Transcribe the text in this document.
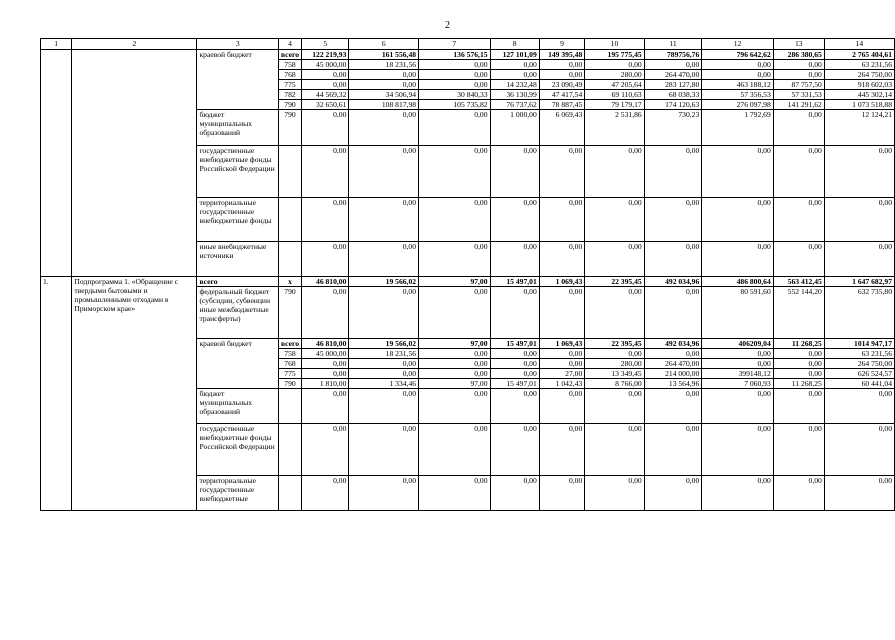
2
1	2	3	4	5	6	7	8	9	10	11	12	13	14
		краевой бюджет	всего	122 219,93	161 556,48	136 576,15	127 101,09	149 395,48	195 775,45	789756,76	796 642,62	286 380,65	2 765 404,61
			758	45 000,00	18 231,56	0,00	0,00	0,00	0,00	0,00	0,00	0,00	63 231,56
			768	0,00	0,00	0,00	0,00	0,00	280,00	264 470,00	0,00	0,00	264 750,00
			775	0,00	0,00	0,00	14 232,48	23 090,49	47 205,64	283 127,80	463 188,12	87 757,50	918 602,03
			782	44 569,32	34 506,94	30 840,33	36 130,99	47 417,54	69 110,63	68 038,33	57 356,53	57 331,53	445 302,14
			790	32 650,61	108 817,98	105 735,82	76 737,62	78 887,45	79 179,17	174 120,63	276 097,98	141 291,62	1 073 518,88
		бюджет муниципальных образований	790	0,00	0,00	0,00	1 000,00	6 069,43	2 531,86	730,23	1 792,69	0,00	12 124,21
		государственные внебюджетные фонды Российской Федерации		0,00	0,00	0,00	0,00	0,00	0,00	0,00	0,00	0,00	0,00
		территориальные государственные внебюджетные фонды		0,00	0,00	0,00	0,00	0,00	0,00	0,00	0,00	0,00	0,00
		иные внебюджетные источники		0,00	0,00	0,00	0,00	0,00	0,00	0,00	0,00	0,00	0,00
1.	Подпрограмма 1. «Обращение с твердыми бытовыми и промышленными отходами в Приморском крае»	всего	x	46 810,00	19 566,02	97,00	15 497,01	1 069,43	22 395,45	492 034,96	486 800,64	563 412,45	1 647 682,97
		федеральный бюджет (субсидии, субвенции иные межбюджетные трансферты)	790	0,00	0,00	0,00	0,00	0,00	0,00	0,00	80 591,60	552 144,20	632 735,80
		краевой бюджет	всего	46 810,00	19 566,02	97,00	15 497,01	1 069,43	22 395,45	492 034,96	406209,04	11 268,25	1014 947,17
			758	45 000,00	18 231,56	0,00	0,00	0,00	0,00	0,00	0,00	0,00	63 231,56
			768	0,00	0,00	0,00	0,00	0,00	280,00	264 470,00	0,00	0,00	264 750,00
			775	0,00	0,00	0,00	0,00	27,00	13 349,45	214 000,00	399148,12	0,00	626 524,57
			790	1 810,00	1 334,46	97,00	15 497,01	1 042,43	8 766,00	13 564,96	7 060,93	11 268,25	60 441,04
		бюджет муниципальных образований		0,00	0,00	0,00	0,00	0,00	0,00	0,00	0,00	0,00	0,00
		государственные внебюджетные фонды Российской Федерации		0,00	0,00	0,00	0,00	0,00	0,00	0,00	0,00	0,00	0,00
		территориальные государственные внебюджетные		0,00	0,00	0,00	0,00	0,00	0,00	0,00	0,00	0,00	0,00
